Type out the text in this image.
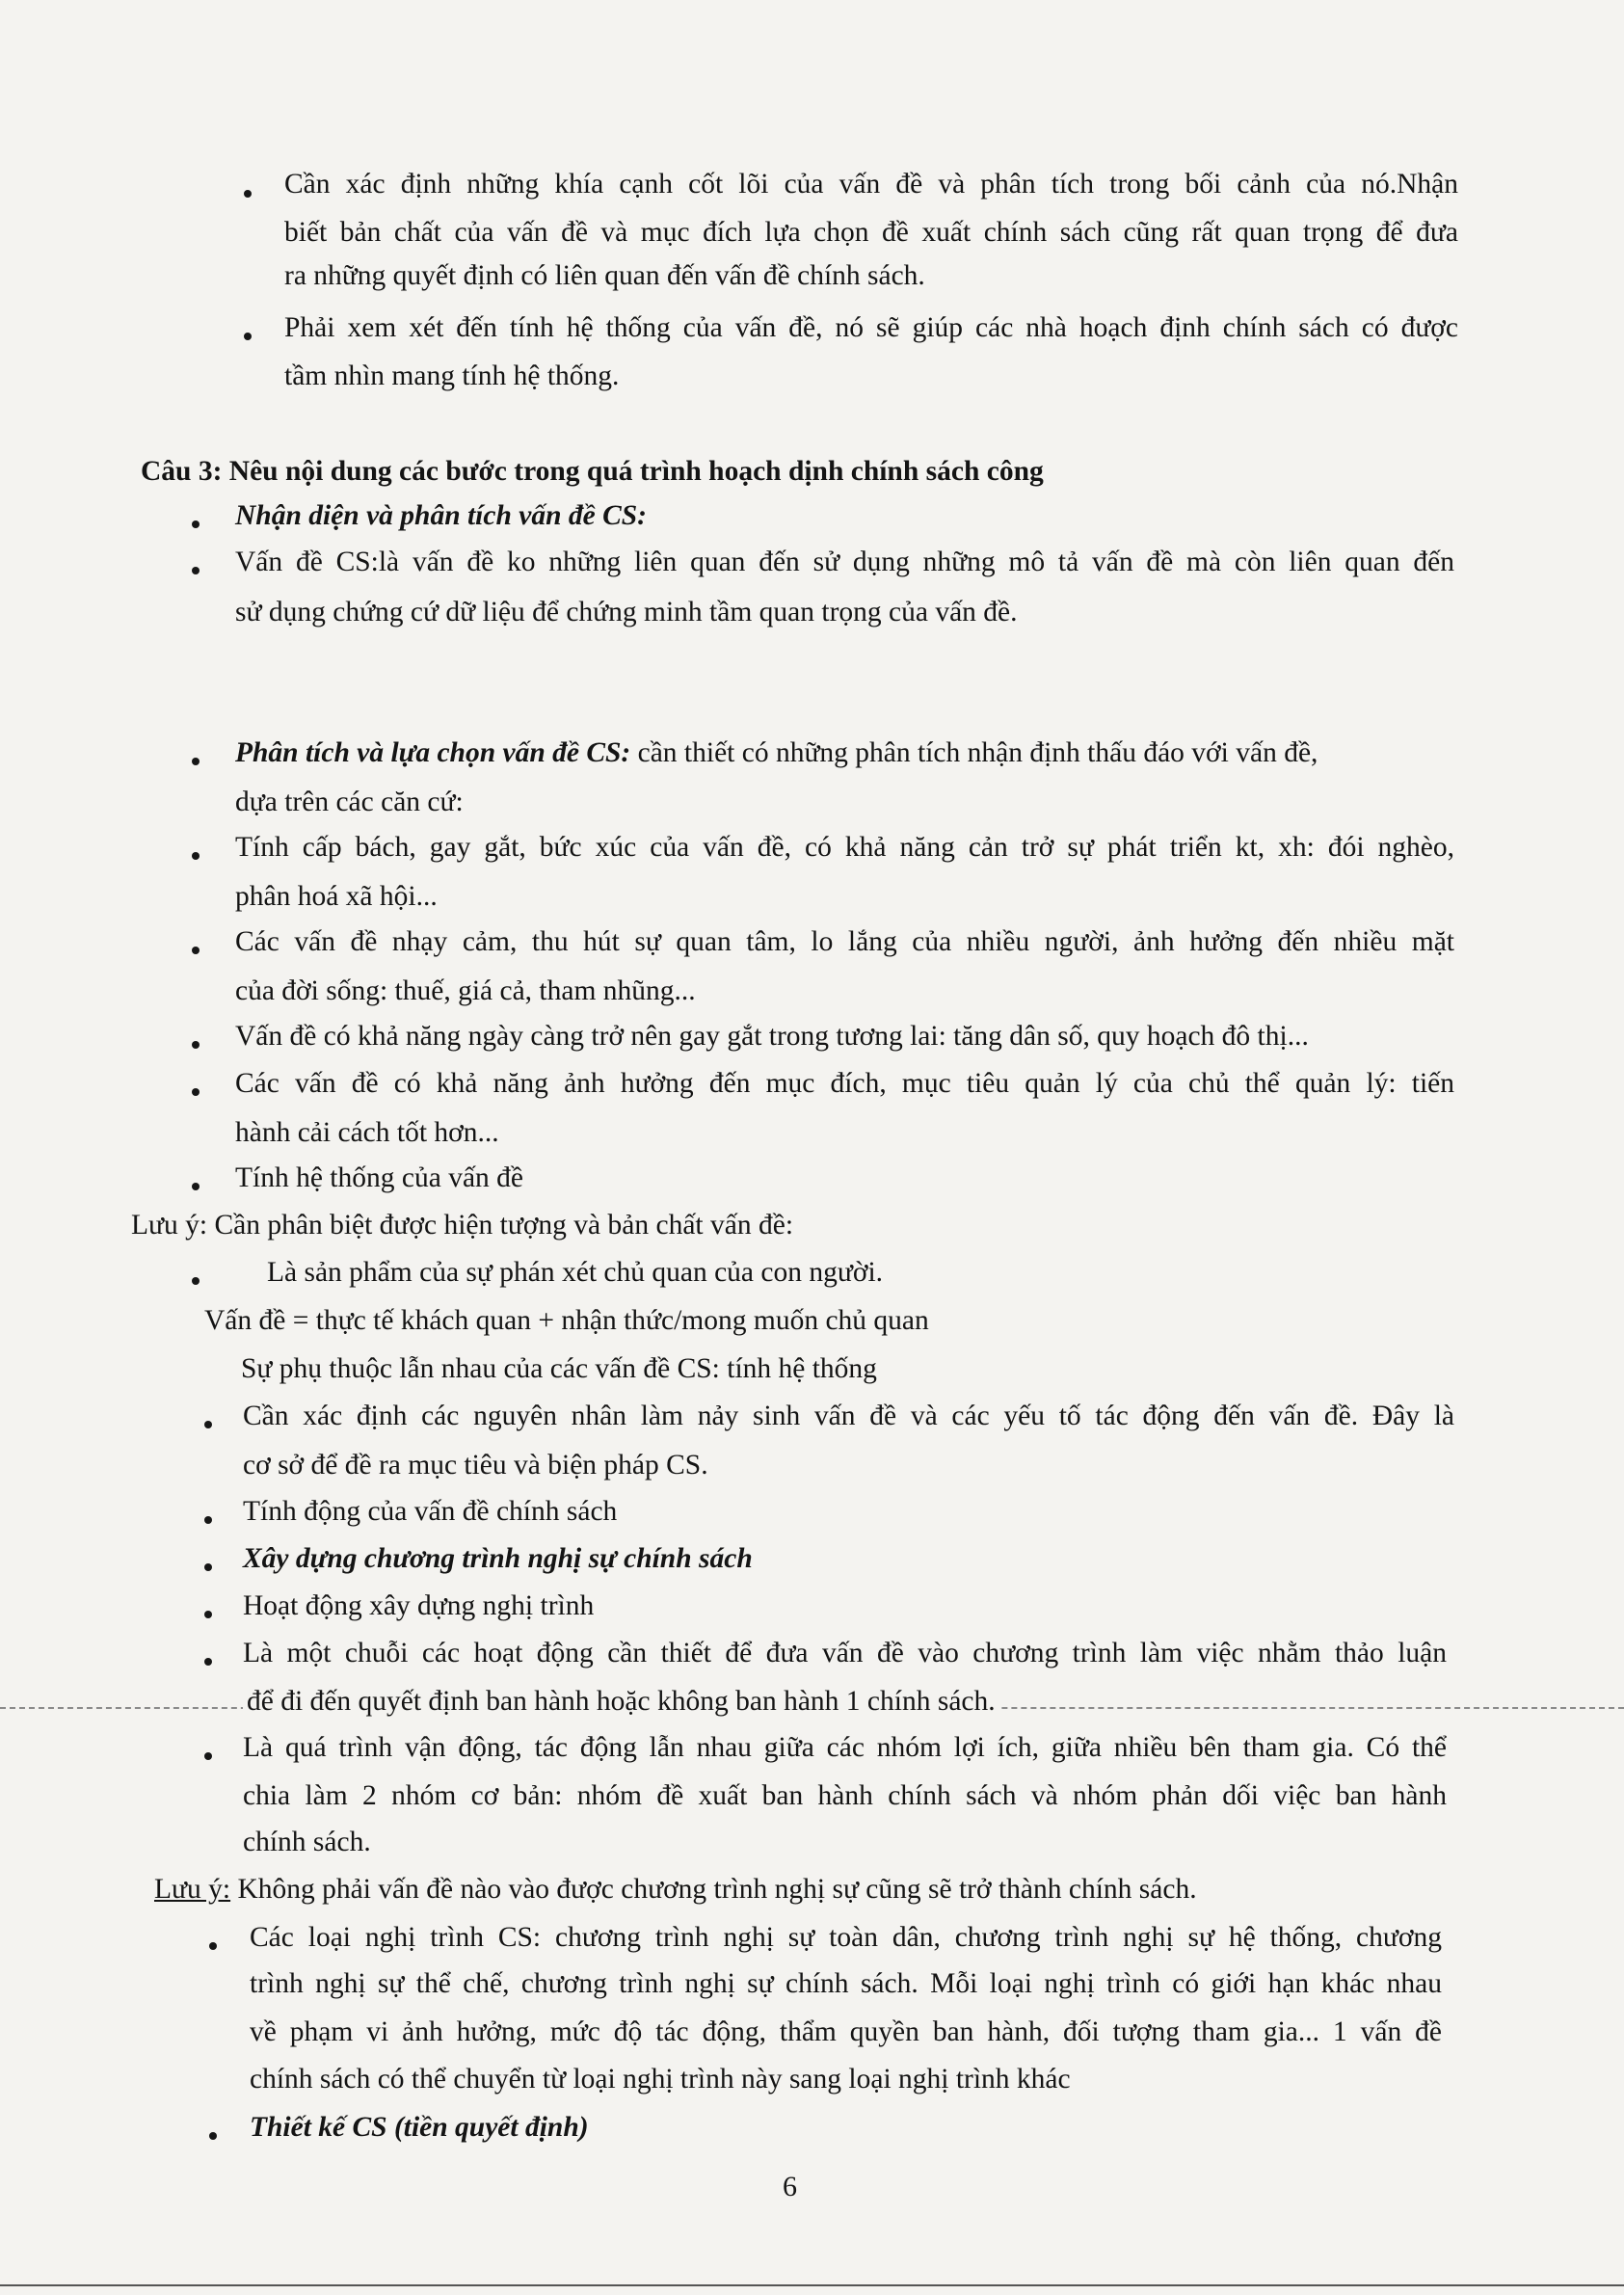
Cần xác định những khía cạnh cốt lõi của vấn đề và phân tích trong bối cảnh của nó.Nhận
biết bản chất của vấn đề và mục đích lựa chọn đề xuất chính sách cũng rất quan trọng để đưa
ra những quyết định có liên quan đến vấn đề chính sách.
Phải xem xét đến tính hệ thống của vấn đề, nó sẽ giúp các nhà hoạch định chính sách có được
tầm nhìn mang tính hệ thống.
Câu 3: Nêu nội dung các bước trong quá trình hoạch dịnh chính sách công
Nhận diện và phân tích vấn đề CS:
Vấn đề CS:là vấn đề ko những liên quan đến sử dụng những mô tả vấn đề mà còn liên quan đến
sử dụng chứng cứ dữ liệu để chứng minh tầm quan trọng của vấn đề.
Phân tích và lựa chọn vấn đề CS: cần thiết có những phân tích nhận định thấu đáo với vấn đề,
dựa trên các căn cứ:
Tính cấp bách, gay gắt, bức xúc của vấn đề, có khả năng cản trở sự phát triển kt, xh: đói nghèo,
phân hoá xã hội...
Các vấn đề nhạy cảm, thu hút sự quan tâm, lo lắng của nhiều người, ảnh hưởng đến nhiều mặt
của đời sống: thuế, giá cả, tham nhũng...
Vấn đề có khả năng ngày càng trở nên gay gắt trong tương lai: tăng dân số, quy hoạch đô thị...
Các vấn đề có khả năng ảnh hưởng đến mục đích, mục tiêu quản lý của chủ thể quản lý: tiến
hành cải cách tốt hơn...
Tính hệ thống của vấn đề
Lưu ý: Cần phân biệt được hiện tượng và bản chất vấn đề:
Là sản phẩm của sự phán xét chủ quan của con người.
Vấn đề = thực tế khách quan + nhận thức/mong muốn chủ quan
Sự phụ thuộc lẫn nhau của các vấn đề CS: tính hệ thống
Cần xác định các nguyên nhân làm nảy sinh vấn đề và các yếu tố tác động đến vấn đề. Đây là
cơ sở để đề ra mục tiêu và biện pháp CS.
Tính động của vấn đề chính sách
Xây dựng chương trình nghị sự chính sách
Hoạt động xây dựng nghị trình
Là một chuỗi các hoạt động cần thiết để đưa vấn đề vào chương trình làm việc nhằm thảo luận
để đi đến quyết định ban hành hoặc không ban hành 1 chính sách.
Là quá trình vận động, tác động lẫn nhau giữa các nhóm lợi ích, giữa nhiều bên tham gia. Có thể
chia làm 2 nhóm cơ bản: nhóm đề xuất ban hành chính sách và nhóm phản dối việc ban hành
chính sách.
Lưu ý: Không phải vấn đề nào vào được chương trình nghị sự cũng sẽ trở thành chính sách.
Các loại nghị trình CS: chương trình nghị sự toàn dân, chương trình nghị sự hệ thống, chương
trình nghị sự thể chế, chương trình nghị sự chính sách. Mỗi loại nghị trình có giới hạn khác nhau
về phạm vi ảnh hưởng, mức độ tác động, thẩm quyền ban hành, đối tượng tham gia... 1 vấn đề
chính sách có thể chuyển từ loại nghị trình này sang loại nghị trình khác
Thiết kế CS (tiền quyết định)
6
